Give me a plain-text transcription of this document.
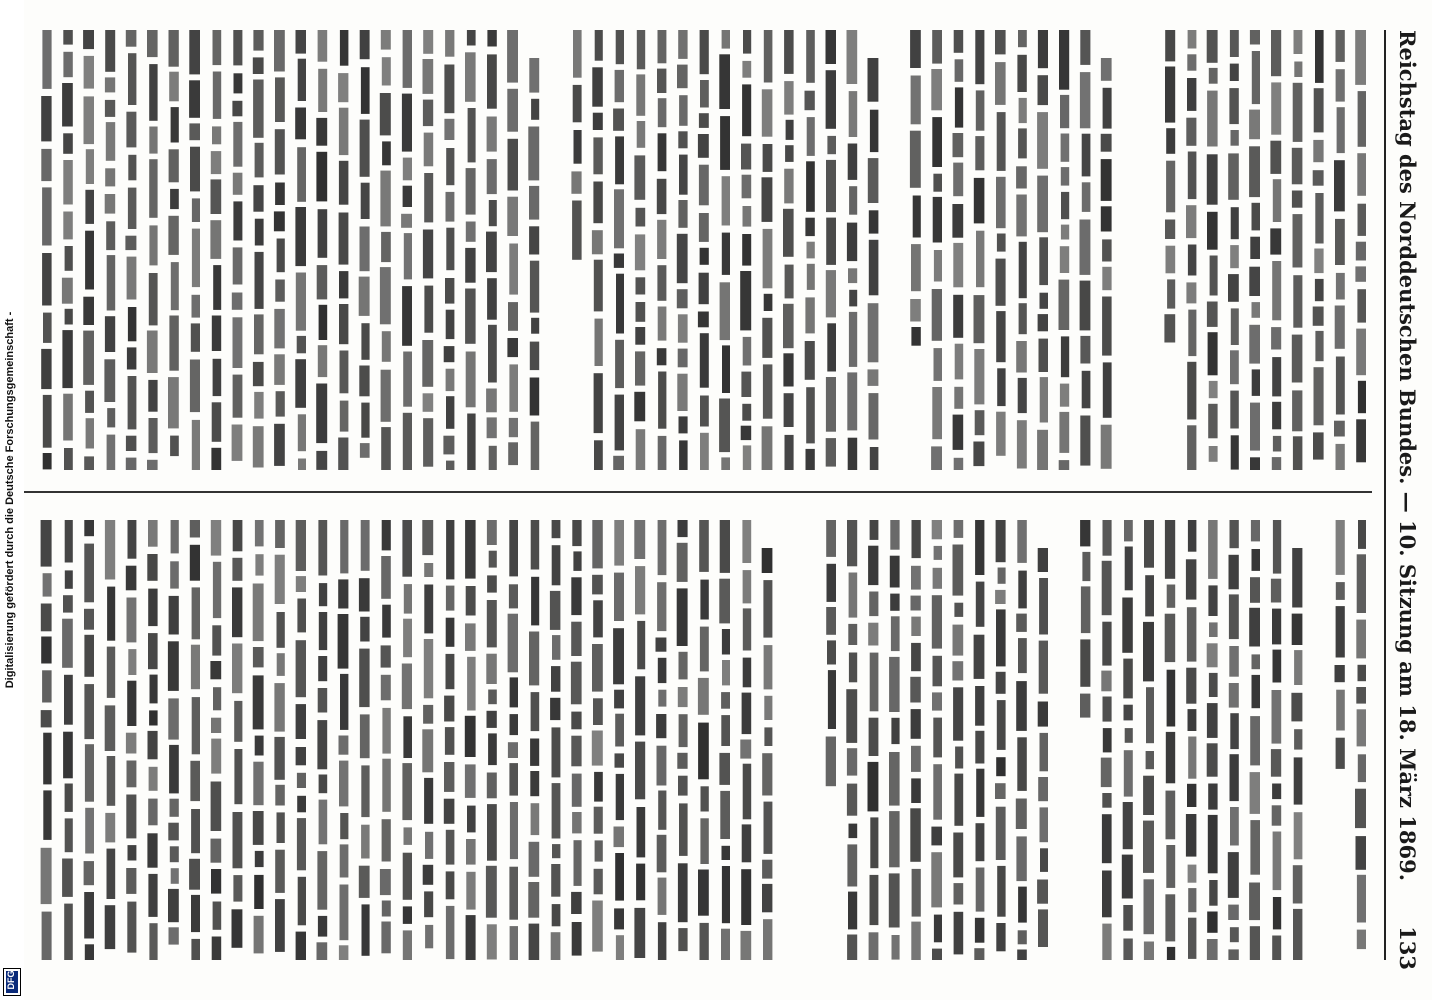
Reichstag des Norddeutschen Bundes. — 10. Sitzung am 18. März 1869.
133
Digitalisierung gefördert durch die Deutsche Forschungsgemeinschaft -
DFG
